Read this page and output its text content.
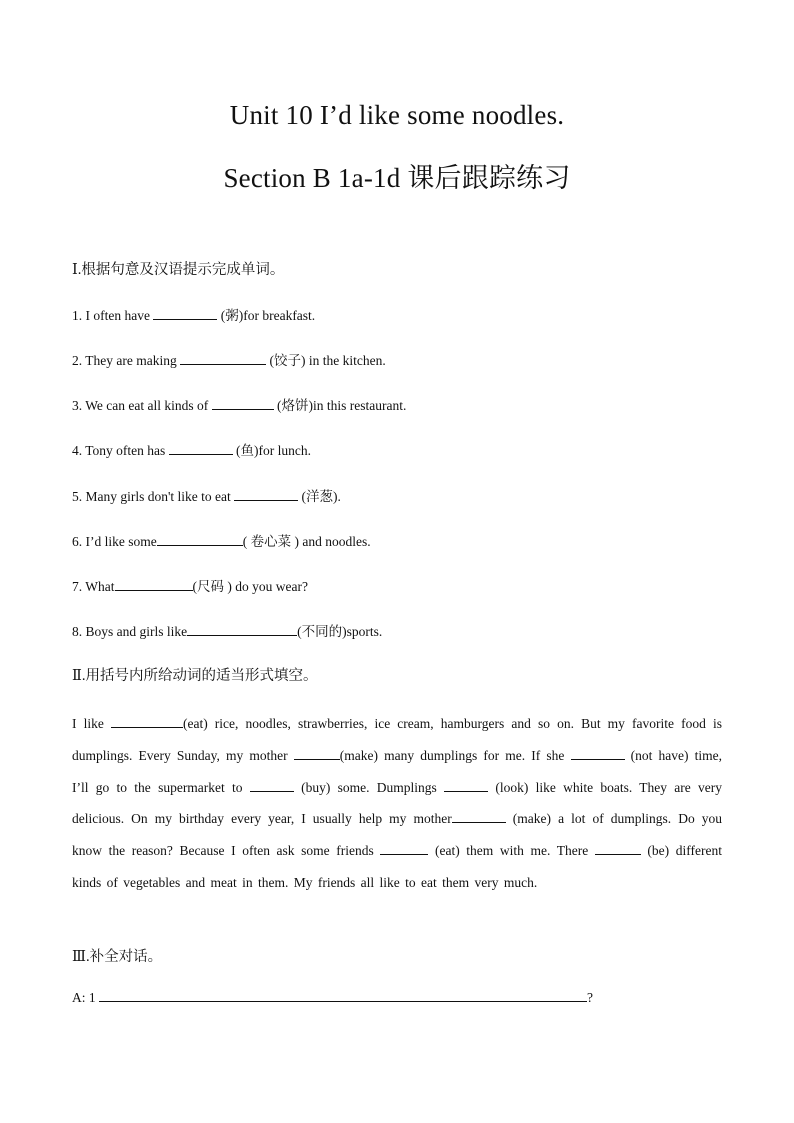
Unit 10 I’d like some noodles.
Section B 1a-1d 课后跟踪练习
Ⅰ.根据句意及汉语提示完成单词。
1. I often have	(粥)for breakfast.
2. They are making	(饺子) in the kitchen.
3. We can eat all kinds of	(烙饼)in this restaurant.
4. Tony often has	(鱼)for lunch.
5. Many girls don't like to eat	(洋葱).
6. I’d like some	( 卷心菜 ) and noodles.
7. What	(尺码 ) do you wear?
8. Boys and girls like	(不同的)sports.
Ⅱ.用括号内所给动词的适当形式填空。
I like	(eat) rice, noodles, strawberries, ice cream, hamburgers and so on. But my favorite food is dumplings. Every Sunday, my mother	(make) many dumplings for me. If she	(not have) time, I’ll go to the supermarket to	(buy) some. Dumplings	(look) like white boats. They are very delicious. On my birthday every year, I usually help my mother	(make) a lot of dumplings. Do you know the reason? Because I often ask some friends	(eat) them with me. There	(be) different kinds of vegetables and meat in them. My friends all like to eat them very much.
Ⅲ.补全对话。
A: 1	?
